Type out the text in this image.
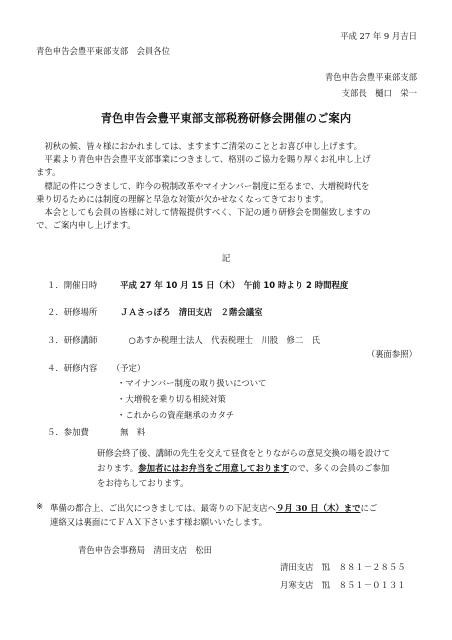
平成 27 年 9 月吉日
青色申告会豊平東部支部　会員各位
青色申告会豊平東部支部
支部長　樋口　栄一
青色申告会豊平東部支部税務研修会開催のご案内
　初秋の候、皆々様におかれましては、ますますご清栄のこととお喜び申し上げます。
　平素より青色申告会豊平支部事業につきまして、格別のご協力を賜り厚くお礼申し上げ
ます。
　標記の件につきまして、昨今の税制改革やマイナンバー制度に至るまで、大増税時代を
乗り切るためには制度の理解と早急な対策が欠かせなくなってきております。
　本会としても会員の皆様に対して情報提供すべく、下記の通り研修会を開催致しますの
で、ご案内申し上げます。
記
１．開催日時　	平成 27 年 10 月 15 日（木）　午前 10 時より 2 時間程度
２．研修場所　	ＪＡさっぽろ　清田支店　２階会議室
３．研修講師　　	○あすか税理士法人　代表税理士　川股　修二　氏
（裏面参照）
４．研修内容 （予定）
・マイナンバー制度の取り扱いについて
・大増税を乗り切る相続対策
・これからの資産継承のカタチ
５．参加費　	無　料
研修会終了後、講師の先生を交えて昼食をとりながらの意見交換の場を設けて
おります。参加者にはお弁当をご用意しておりますので、多くの会員のご参加
をお待ちしております。
※ 準備の都合上、ご出欠につきましては、最寄りの下記支店へ９月 30 日（木）までにご
連絡又は裏面にてＦＡＸ下さいます様お願いいたします。
青色申告会事務局　清田支店　松田
清田支店　 ℡　８８１－２８５５
月寒支店　 ℡　８５１－０１３１
